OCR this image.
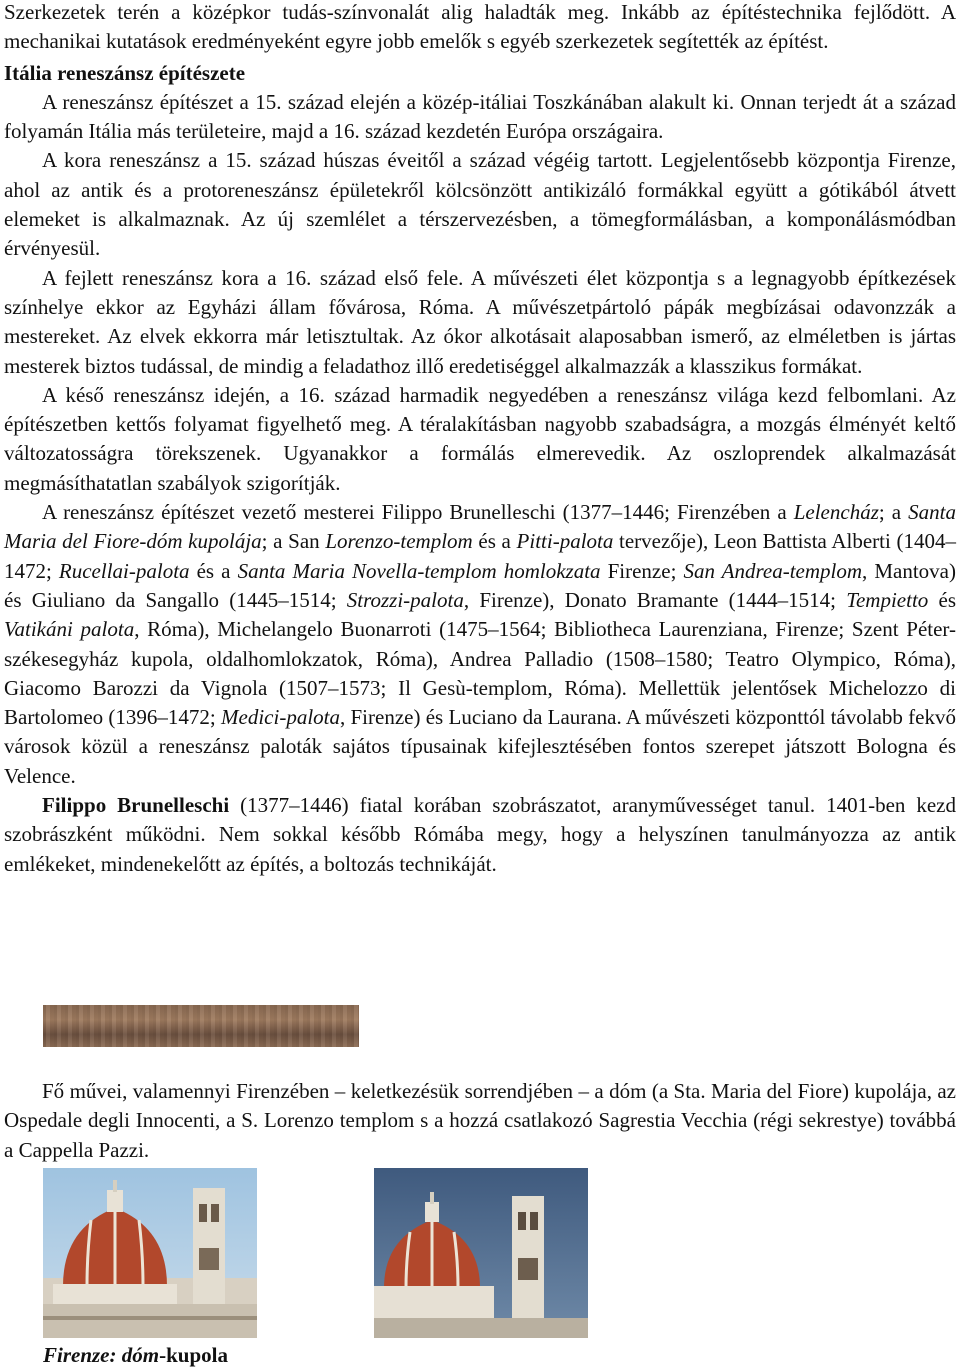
Szerkezetek terén a középkor tudás-színvonalát alig haladták meg. Inkább az építéstechnika fejlődött. A mechanikai kutatások eredményeként egyre jobb emelők s egyéb szerkezetek segítették az építést.

Itália reneszánsz építészete

A reneszánsz építészet a 15. század elején a közép-itáliai Toszkánában alakult ki. Onnan terjedt át a század folyamán Itália más területeire, majd a 16. század kezdetén Európa országaira.

A kora reneszánsz a 15. század húszas éveitől a század végéig tartott. Legjelentősebb központja Firenze, ahol az antik és a protoreneszánsz épületekről kölcsönzött antikizáló formákkal együtt a gótikából átvett elemeket is alkalmaznak. Az új szemlélet a térszervezésben, a tömegformálásban, a komponálásmódban érvényesül.

A fejlett reneszánsz kora a 16. század első fele. A művészeti élet központja s a legnagyobb építkezések színhelye ekkor az Egyházi állam fővárosa, Róma. A művészetpártoló pápák megbízásai odavonzzák a mestereket. Az elvek ekkorra már letisztultak. Az ókor alkotásait alaposabban ismerő, az elméletben is jártas mesterek biztos tudással, de mindig a feladathoz illő eredetiséggel alkalmazzák a klasszikus formákat.

A késő reneszánsz idején, a 16. század harmadik negyedében a reneszánsz világa kezd felbomlani. Az építészetben kettős folyamat figyelhető meg. A téralakításban nagyobb szabadságra, a mozgás élményét keltő változatosságra törekszenek. Ugyanakkor a formálás elmerevedik. Az oszloprendek alkalmazását megmásíthatatlan szabályok szigorítják.

A reneszánsz építészet vezető mesterei Filippo Brunelleschi (1377–1446; Firenzében a Lelencház; a Santa Maria del Fiore-dóm kupolája; a San Lorenzo-templom és a Pitti-palota tervezője), Leon Battista Alberti (1404–1472; Rucellai-palota és a Santa Maria Novella-templom homlokzata Firenze; San Andrea-templom, Mantova) és Giuliano da Sangallo (1445–1514; Strozzi-palota, Firenze), Donato Bramante (1444–1514; Tempietto és Vatikáni palota, Róma), Michelangelo Buonarroti (1475–1564; Bibliotheca Laurenziana, Firenze; Szent Péter-székesegyház kupola, oldalhomlokzatok, Róma), Andrea Palladio (1508–1580; Teatro Olympico, Róma), Giacomo Barozzi da Vignola (1507–1573; Il Gesù-templom, Róma). Mellettük jelentősek Michelozzo di Bartolomeo (1396–1472; Medici-palota, Firenze) és Luciano da Laurana. A művészeti központtól távolabb fekvő városok közül a reneszánsz paloták sajátos típusainak kifejlesztésében fontos szerepet játszott Bologna és Velence.

Filippo Brunelleschi (1377–1446) fiatal korában szobrászatot, aranyművességet tanul. 1401-ben kezd szobrászként működni. Nem sokkal később Rómába megy, hogy a helyszínen tanulmányozza az antik emlékeket, mindenekelőtt az építés, a boltozás technikáját.

Fő művei, valamennyi Firenzében – keletkezésük sorrendjében – a dóm (a Sta. Maria del Fiore) kupolája, az Ospedale degli Innocenti, a S. Lorenzo templom s a hozzá csatlakozó Sagrestia Vecchia (régi sekrestye) továbbá a Cappella Pazzi.

Firenze: dóm-kupola
